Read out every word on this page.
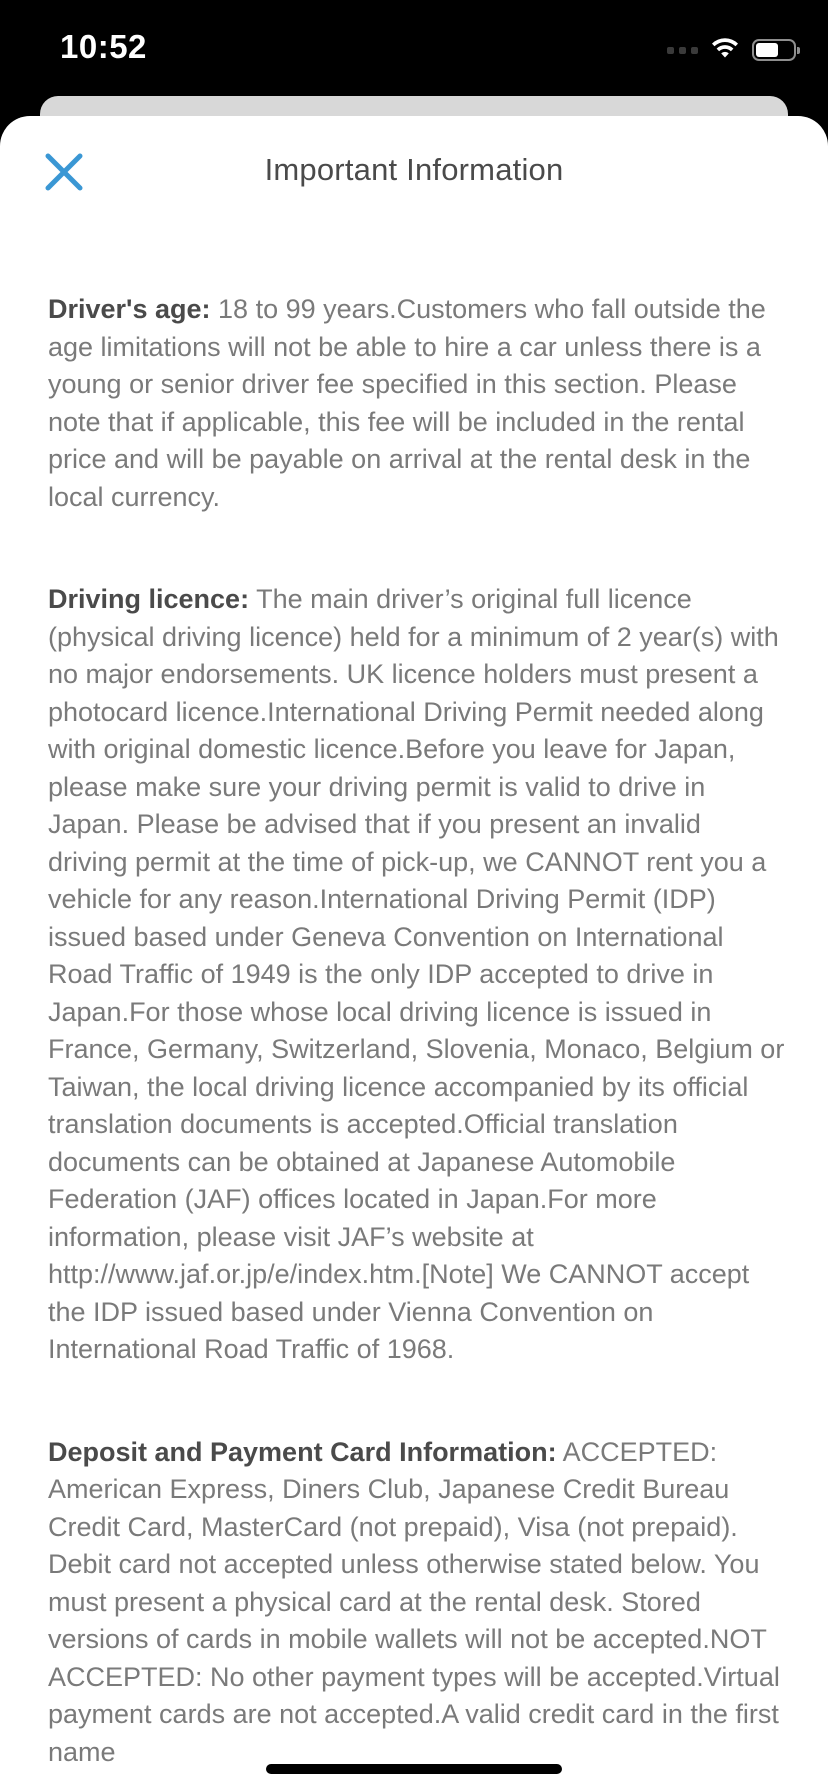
10:52
Important Information

Driver's age: 18 to 99 years.Customers who fall outside the age limitations will not be able to hire a car unless there is a young or senior driver fee specified in this section. Please note that if applicable, this fee will be included in the rental price and will be payable on arrival at the rental desk in the local currency.

Driving licence: The main driver’s original full licence (physical driving licence) held for a minimum of 2 year(s) with no major endorsements. UK licence holders must present a photocard licence.International Driving Permit needed along with original domestic licence.Before you leave for Japan, please make sure your driving permit is valid to drive in Japan. Please be advised that if you present an invalid driving permit at the time of pick-up, we CANNOT rent you a vehicle for any reason.International Driving Permit (IDP) issued based under Geneva Convention on International Road Traffic of 1949 is the only IDP accepted to drive in Japan.For those whose local driving licence is issued in France, Germany, Switzerland, Slovenia, Monaco, Belgium or Taiwan, the local driving licence accompanied by its official translation documents is accepted.Official translation documents can be obtained at Japanese Automobile Federation (JAF) offices located in Japan.For more information, please visit JAF’s website at http://www.jaf.or.jp/e/index.htm.[Note] We CANNOT accept the IDP issued based under Vienna Convention on International Road Traffic of 1968.

Deposit and Payment Card Information: ACCEPTED: American Express, Diners Club, Japanese Credit Bureau Credit Card, MasterCard (not prepaid), Visa (not prepaid). Debit card not accepted unless otherwise stated below. You must present a physical card at the rental desk. Stored versions of cards in mobile wallets will not be accepted.NOT ACCEPTED: No other payment types will be accepted.Virtual payment cards are not accepted.A valid credit card in the first name
